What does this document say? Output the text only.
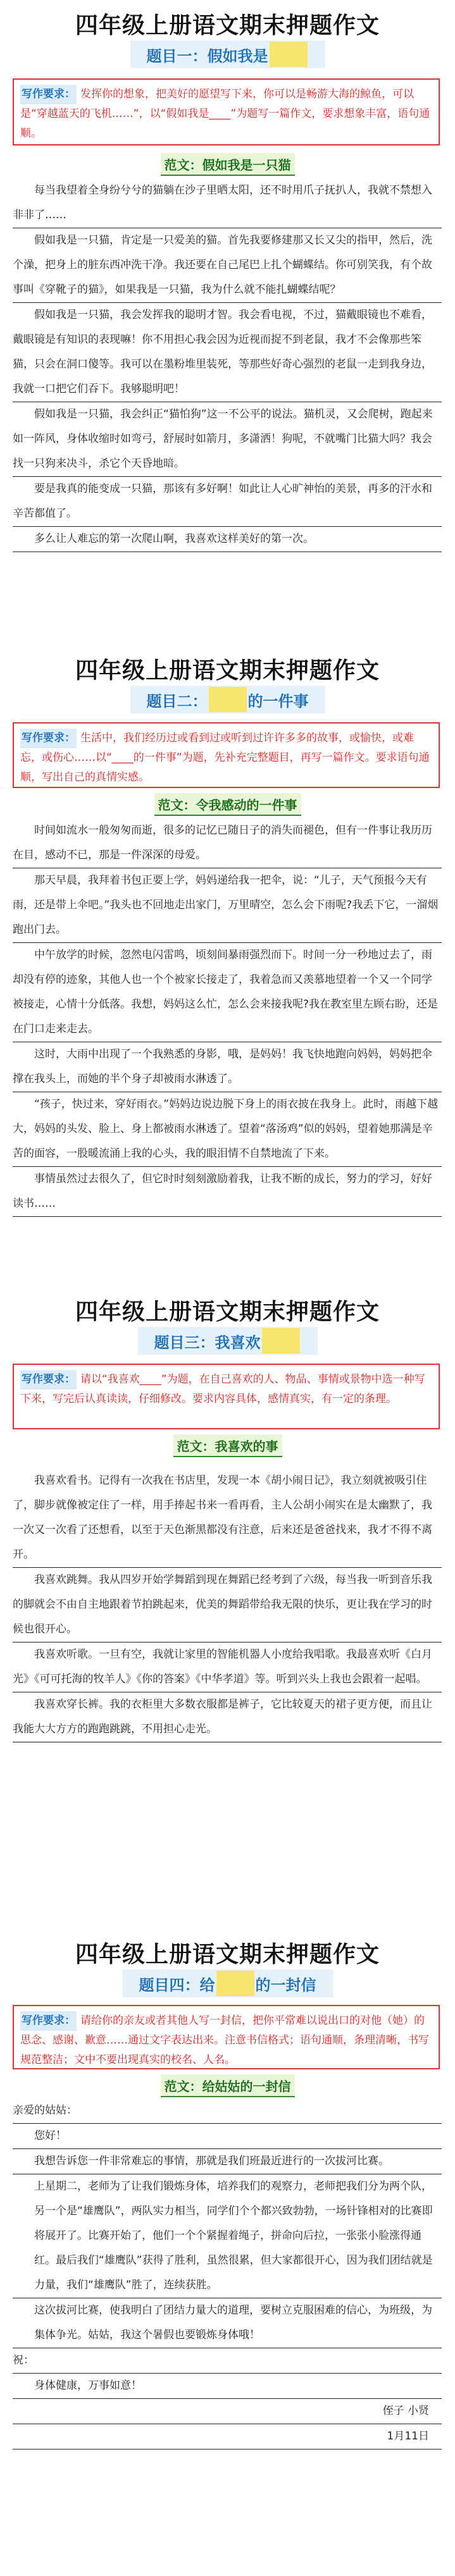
四年级上册语文期末押题作文
题目一：假如我是
写作要求： 发挥你的想象，把美好的愿望写下来，你可以是畅游大海的鲸鱼，可以是“穿越蓝天的飞机……”，以“假如我是____”为题写一篇作文，要求想象丰富，语句通顺。
范文：假如我是一只猫

每当我望着全身纷兮兮的猫躺在沙子里晒太阳，还不时用爪子抚扒人，我就不禁想入非非了……

假如我是一只猫，肯定是一只爱美的猫。首先我要修建那又长又尖的指甲，然后，洗个澡，把身上的脏东西冲洗干净。我还要在自己尾巴上扎个蝴蝶结。你可别笑我，有个故事叫《穿靴子的猫》，如果我是一只猫，我为什么就不能扎蝴蝶结呢？

假如我是一只猫，我会发挥我的聪明才智。我会看电视，不过，猫戴眼镜也不难看，戴眼镜是有知识的表现嘛！你不用担心我会因为近视而捉不到老鼠，我才不会像那些笨猫，只会在洞口傻等。我可以在墨粉堆里装死，等那些好奇心强烈的老鼠一走到我身边，我就一口把它们吞下。我够聪明吧！

假如我是一只猫，我会纠正“猫怕狗”这一不公平的说法。猫机灵，又会爬树，跑起来如一阵风，身体收缩时如弯弓，舒展时如箭月，多潇洒！狗呢，不就嘴门比猫大吗？我会找一只狗来决斗，杀它个天昏地暗。

要是我真的能变成一只猫，那该有多好啊！如此让人心旷神怡的美景，再多的汗水和辛苦都值了。

多么让人难忘的第一次爬山啊，我喜欢这样美好的第一次。

四年级上册语文期末押题作文
题目二：	的一件事
写作要求： 生活中，我们经历过或看到过或听到过许许多多的故事，或愉快，或难忘，或伤心……以“____的一件事”为题，先补充完整题目，再写一篇作文。要求语句通顺，写出自己的真情实感。
范文：令我感动的一件事

时间如流水一般匆匆而逝，很多的记忆已随日子的消失而褪色，但有一件事让我历历在目，感动不已，那是一件深深的母爱。

那天早晨，我拜着书包正要上学，妈妈递给我一把伞，说：“儿子，天气预报今天有雨，还是带上伞吧。”我头也不回地走出家门，万里晴空，怎么会下雨呢?我丢下它，一溜烟跑出门去。

中午放学的时候，忽然电闪雷鸣，顷刻间暴雨强烈而下。时间一分一秒地过去了，雨却没有停的迹象，其他人也一个个被家长接走了，我着急而又羡慕地望着一个又一个同学被接走，心情十分低落。我想，妈妈这么忙，怎么会来接我呢?我在教室里左顾右盼，还是在门口走来走去。

这时，大雨中出现了一个我熟悉的身影，哦，是妈妈！我飞快地跑向妈妈，妈妈把伞撑在我头上，而她的半个身子却被雨水淋透了。

“孩子，快过来，穿好雨衣。”妈妈边说边脱下身上的雨衣披在我身上。此时，雨越下越大，妈妈的头发、脸上、身上都被雨水淋透了。望着“落汤鸡”似的妈妈，望着她那满是辛苦的面容，一股暖流涌上我的心头，我的眼泪情不自禁地流了下来。

事情虽然过去很久了，但它时时刻刻激励着我，让我不断的成长，努力的学习，好好读书……

四年级上册语文期末押题作文
题目三：我喜欢
写作要求： 请以“我喜欢____”为题，在自己喜欢的人、物品、事情或景物中选一种写下来，写完后认真读读，仔细修改。要求内容具体，感情真实，有一定的条理。
范文：我喜欢的事

我喜欢看书。记得有一次我在书店里，发现一本《胡小闹日记》，我立刻就被吸引住了，脚步就像被定住了一样，用手捧起书来一看再看，主人公胡小闹实在是太幽默了，我一次又一次看了还想看，以至于天色渐黑都没有注意，后来还是爸爸找来，我才不得不离开。

我喜欢跳舞。我从四岁开始学舞蹈到现在舞蹈已经考到了六级，每当我一听到音乐我的脚就会不由自主地跟着节拍跳起来，优美的舞蹈带给我无限的快乐，更让我在学习的时候也很开心。

我喜欢听歌。一旦有空，我就让家里的智能机器人小度给我唱歌。我最喜欢听《白月光》《可可托海的牧羊人》《你的答案》《中华孝道》等。听到兴头上我也会跟着一起唱。

我喜欢穿长裤。我的衣柜里大多数衣服都是裤子，它比较夏天的裙子更方便，而且让我能大大方方的跑跑跳跳，不用担心走光。

四年级上册语文期末押题作文
题目四：给	的一封信
写作要求： 请给你的亲友或者其他人写一封信，把你平常难以说出口的对他（她）的思念、感谢、歉意……通过文字表达出来。注意书信格式；语句通顺，条理清晰，书写规范整洁；文中不要出现真实的校名、人名。
范文：给姑姑的一封信
亲爱的姑姑：
您好！
我想告诉您一件非常难忘的事情，那就是我们班最近进行的一次拔河比赛。
上星期二，老师为了让我们锻炼身体，培养我们的观察力，老师把我们分为两个队，另一个是“雄鹰队”，两队实力相当，同学们个个都兴致勃勃，一场针锋相对的比赛即将展开了。比赛开始了，他们一个个紧握着绳子，拼命向后拉，一张张小脸涨得通红。最后我们“雄鹰队”获得了胜利，虽然很累，但大家都很开心，因为我们团结就是力量，我们“雄鹰队”胜了，连续获胜。
这次拔河比赛，使我明白了团结力量大的道理，要树立克服困难的信心，为班级，为集体争光。姑姑，我这个暑假也要锻炼身体哦！
祝：
身体健康，万事如意！
侄子 小贤
1月11日
